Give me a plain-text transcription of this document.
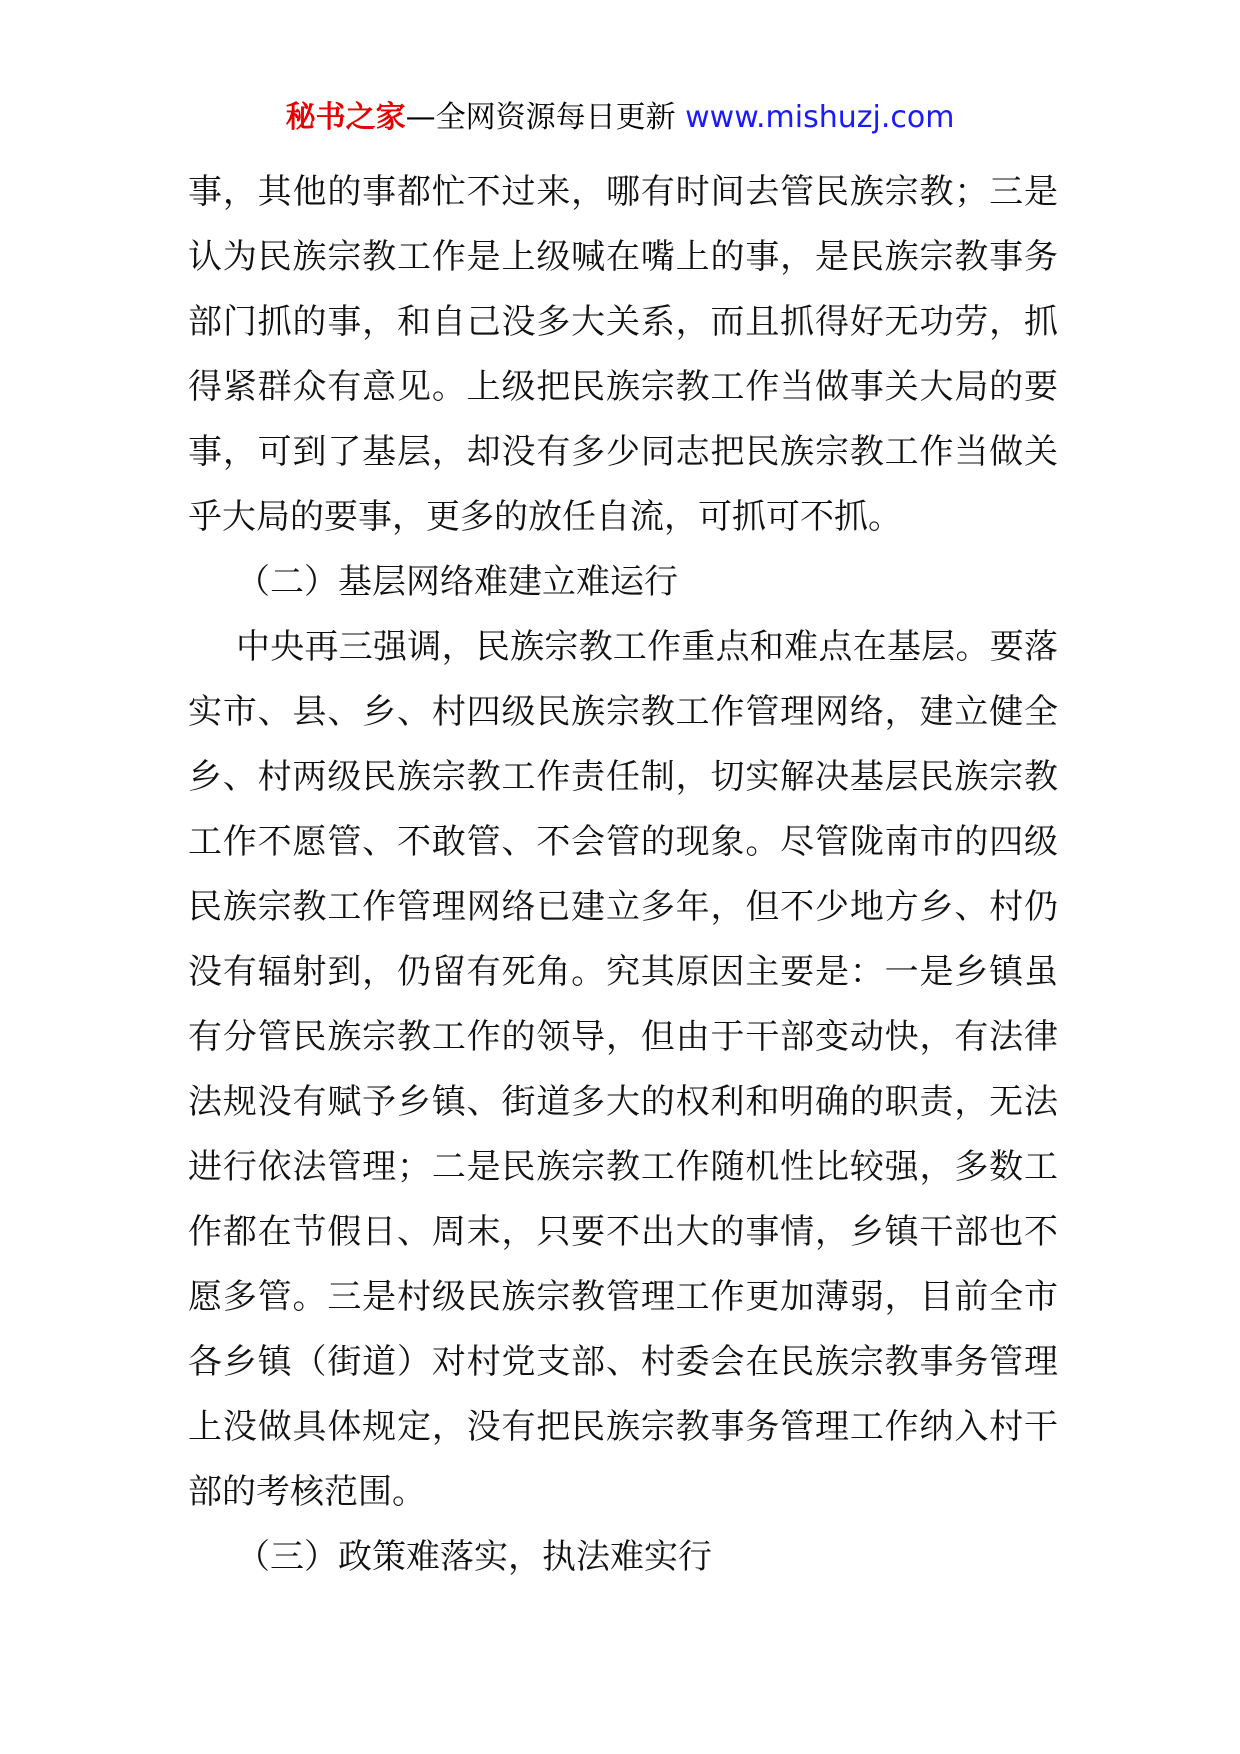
秘书之家—全网资源每日更新 www.mishuzj.com

事，其他的事都忙不过来，哪有时间去管民族宗教；三是认为民族宗教工作是上级喊在嘴上的事，是民族宗教事务部门抓的事，和自己没多大关系，而且抓得好无功劳，抓得紧群众有意见。上级把民族宗教工作当做事关大局的要事，可到了基层，却没有多少同志把民族宗教工作当做关乎大局的要事，更多的放任自流，可抓可不抓。

（二）基层网络难建立难运行

中央再三强调，民族宗教工作重点和难点在基层。要落实市、县、乡、村四级民族宗教工作管理网络，建立健全乡、村两级民族宗教工作责任制，切实解决基层民族宗教工作不愿管、不敢管、不会管的现象。尽管陇南市的四级民族宗教工作管理网络已建立多年，但不少地方乡、村仍没有辐射到，仍留有死角。究其原因主要是：一是乡镇虽有分管民族宗教工作的领导，但由于干部变动快，有法律法规没有赋予乡镇、街道多大的权利和明确的职责，无法进行依法管理；二是民族宗教工作随机性比较强，多数工作都在节假日、周末，只要不出大的事情，乡镇干部也不愿多管。三是村级民族宗教管理工作更加薄弱，目前全市各乡镇（街道）对村党支部、村委会在民族宗教事务管理上没做具体规定，没有把民族宗教事务管理工作纳入村干部的考核范围。

（三）政策难落实，执法难实行
